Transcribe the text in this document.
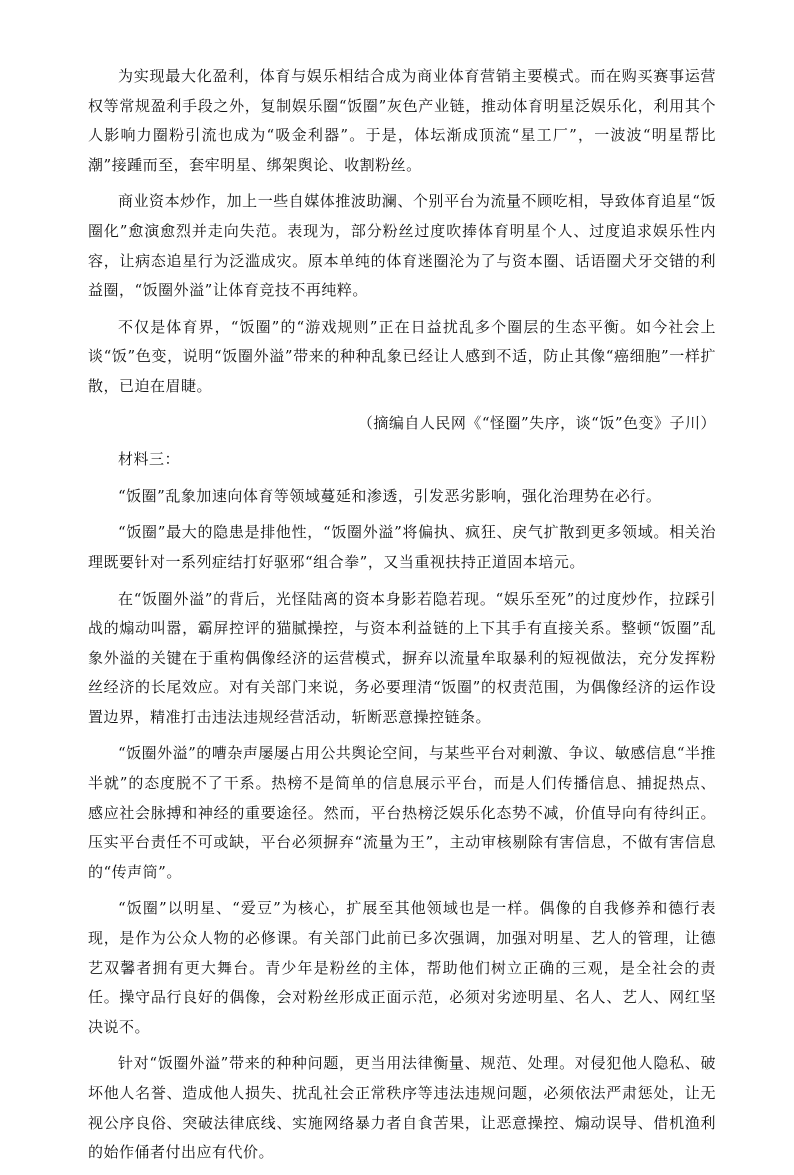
为实现最大化盈利，体育与娱乐相结合成为商业体育营销主要模式。而在购买赛事运营权等常规盈利手段之外，复制娱乐圈“饭圈”灰色产业链，推动体育明星泛娱乐化，利用其个人影响力圈粉引流也成为“吸金利器”。于是，体坛渐成顶流“星工厂”，一波波“明星帮比潮”接踵而至，套牢明星、绑架舆论、收割粉丝。

商业资本炒作，加上一些自媒体推波助澜、个别平台为流量不顾吃相，导致体育追星“饭圈化”愈演愈烈并走向失范。表现为，部分粉丝过度吹捧体育明星个人、过度追求娱乐性内容，让病态追星行为泛滥成灾。原本单纯的体育迷圈沦为了与资本圈、话语圈犬牙交错的利益圈，“饭圈外溢”让体育竞技不再纯粹。

不仅是体育界，“饭圈”的“游戏规则”正在日益扰乱多个圈层的生态平衡。如今社会上谈“饭”色变，说明“饭圈外溢”带来的种种乱象已经让人感到不适，防止其像“癌细胞”一样扩散，已迫在眉睫。

（摘编自人民网《“怪圈”失序，谈“饭”色变》子川）

材料三：

“饭圈”乱象加速向体育等领域蔓延和渗透，引发恶劣影响，强化治理势在必行。

“饭圈”最大的隐患是排他性，“饭圈外溢”将偏执、疯狂、戾气扩散到更多领域。相关治理既要针对一系列症结打好驱邪“组合拳”，又当重视扶持正道固本培元。

在“饭圈外溢”的背后，光怪陆离的资本身影若隐若现。“娱乐至死”的过度炒作，拉踩引战的煽动叫嚣，霸屏控评的猫腻操控，与资本利益链的上下其手有直接关系。整顿“饭圈”乱象外溢的关键在于重构偶像经济的运营模式，摒弃以流量牟取暴利的短视做法，充分发挥粉丝经济的长尾效应。对有关部门来说，务必要理清“饭圈”的权责范围，为偶像经济的运作设置边界，精准打击违法违规经营活动，斩断恶意操控链条。

“饭圈外溢”的嘈杂声屡屡占用公共舆论空间，与某些平台对刺激、争议、敏感信息“半推半就”的态度脱不了干系。热榜不是简单的信息展示平台，而是人们传播信息、捕捉热点、感应社会脉搏和神经的重要途径。然而，平台热榜泛娱乐化态势不减，价值导向有待纠正。压实平台责任不可或缺，平台必须摒弃“流量为王”，主动审核剔除有害信息，不做有害信息的“传声筒”。

“饭圈”以明星、“爱豆”为核心，扩展至其他领域也是一样。偶像的自我修养和德行表现，是作为公众人物的必修课。有关部门此前已多次强调，加强对明星、艺人的管理，让德艺双馨者拥有更大舞台。青少年是粉丝的主体，帮助他们树立正确的三观，是全社会的责任。操守品行良好的偶像，会对粉丝形成正面示范，必须对劣迹明星、名人、艺人、网红坚决说不。

针对“饭圈外溢”带来的种种问题，更当用法律衡量、规范、处理。对侵犯他人隐私、破坏他人名誉、造成他人损失、扰乱社会正常秩序等违法违规问题，必须依法严肃惩处，让无视公序良俗、突破法律底线、实施网络暴力者自食苦果，让恶意操控、煽动误导、借机渔利的始作俑者付出应有代价。
